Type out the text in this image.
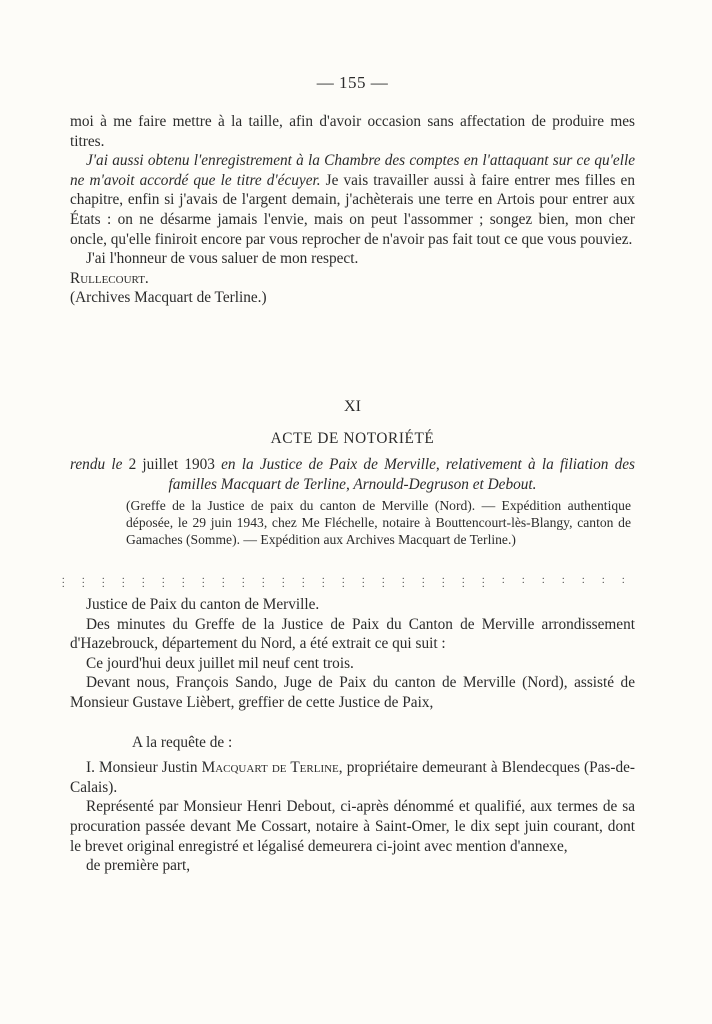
— 155 —

moi à me faire mettre à la taille, afin d'avoir occasion sans affectation de produire mes titres.

J'ai aussi obtenu l'enregistrement à la Chambre des comptes en l'attaquant sur ce qu'elle ne m'avoit accordé que le titre d'écuyer. Je vais travailler aussi à faire entrer mes filles en chapitre, enfin si j'avais de l'argent demain, j'achèterais une terre en Artois pour entrer aux États : on ne désarme jamais l'envie, mais on peut l'assommer ; songez bien, mon cher oncle, qu'elle finiroit encore par vous reprocher de n'avoir pas fait tout ce que vous pouviez.

J'ai l'honneur de vous saluer de mon respect.

Rullecourt.

(Archives Macquart de Terline.)

XI
ACTE DE NOTORIÉTÉ
rendu le 2 juillet 1903 en la Justice de Paix de Merville, relativement à la filiation des familles Macquart de Terline, Arnould-Degruson et Debout.
(Greffe de la Justice de paix du canton de Merville (Nord). — Expédition authentique déposée, le 29 juin 1943, chez Me Fléchelle, notaire à Bouttencourt-lès-Blangy, canton de Gamaches (Somme). — Expédition aux Archives Macquart de Terline.)
. . . . . . . . . . . . . . . . . . . . . . . . . . . . . . . . . . . . . . . . . . . . . . . . . . . . . . . . . . . . . . . . . . . . . . . . . . . . . . . .

Justice de Paix du canton de Merville.

Des minutes du Greffe de la Justice de Paix du Canton de Merville arrondissement d'Hazebrouck, département du Nord, a été extrait ce qui suit :

Ce jourd'hui deux juillet mil neuf cent trois.

Devant nous, François Sando, Juge de Paix du canton de Merville (Nord), assisté de Monsieur Gustave Lièbert, greffier de cette Justice de Paix,

A la requête de :

I. Monsieur Justin Macquart de Terline, propriétaire demeurant à Blendecques (Pas-de-Calais).

Représenté par Monsieur Henri Debout, ci-après dénommé et qualifié, aux termes de sa procuration passée devant Me Cossart, notaire à Saint-Omer, le dix sept juin courant, dont le brevet original enregistré et légalisé demeurera ci-joint avec mention d'annexe,

de première part,
